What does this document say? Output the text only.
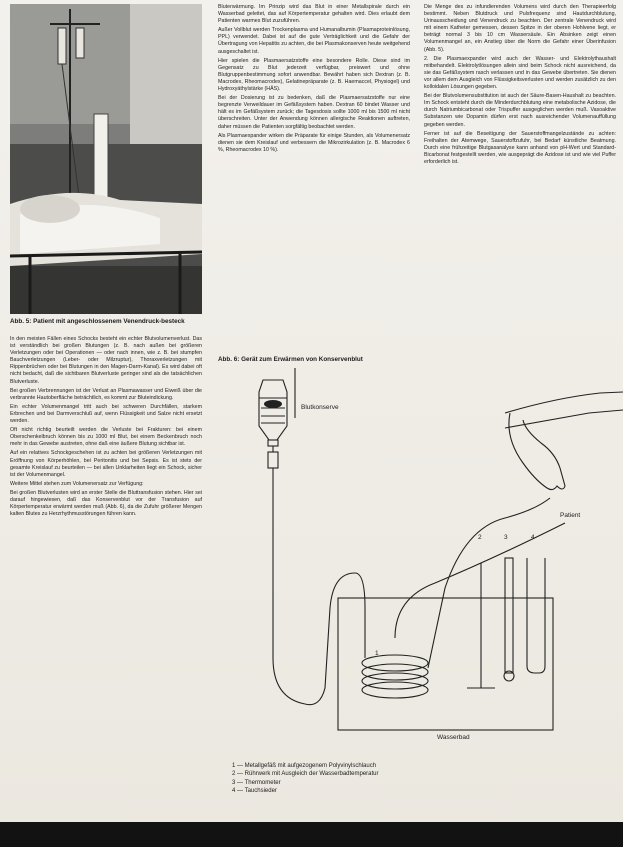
Abb. 5: Patient mit angeschlossenem Venendruck-besteck

In den meisten Fällen eines Schocks besteht ein echter Blutvolumenverlust. Das ist verständlich bei großen Blutungen (z. B. nach außen bei größeren Verletzungen oder bei Operationen — oder nach innen, wie z. B. bei stumpfen Bauchverletzungen (Leber- oder Milzruptur), Thoraxverletzungen mit Rippenbrüchen oder bei Blutungen in den Magen-Darm-Kanal). Es wird dabei oft nicht bedacht, daß die sichtbaren Blutverluste geringer sind als die tatsächlichen Blutverluste.

Bei großen Verbrennungen ist der Verlust an Plasmawasser und Eiweiß über die verbrannte Hautoberfläche beträchtlich, es kommt zur Bluteindickung.

Ein echter Volumenmangel tritt auch bei schweren Durchfällen, starkem Erbrechen und bei Darmverschluß auf, wenn Flüssigkeit und Salze nicht ersetzt werden.

Oft nicht richtig beurteilt werden die Verluste bei Frakturen: bei einem Oberschenkelbruch können bis zu 1000 ml Blut, bei einem Beckenbruch noch mehr in das Gewebe austreten, ohne daß eine äußere Blutung sichtbar ist.

Auf ein relatives Schockgeschehen ist zu achten bei größeren Verletzungen mit Eröffnung von Körperhöhlen, bei Peritonitis und bei Sepsis. Es ist stets der gesamte Kreislauf zu beurteilen — bei allen Unklarheiten liegt ein Schock, sicher ist der Volumenmangel.

Weitere Mittel stehen zum Volumenersatz zur Verfügung:

Bei großen Blutverlusten wird an erster Stelle die Bluttransfusion stehen. Hier sei darauf hingewiesen, daß das Konservenblut vor der Transfusion auf Körpertemperatur erwärmt werden muß (Abb. 6), da die Zufuhr größerer Mengen kalten Blutes zu Herzrhythmusstörungen führen kann.

Bluterwärmung. Im Prinzip wird das Blut in einer Metallspirale durch ein Wasserbad geleitet, das auf Körpertemperatur gehalten wird. Dies erlaubt dem Patienten warmes Blut zuzuführen.

Außer Vollblut werden Trockenplasma und Humanalbumin (Plasmaproteinlösung, PPL) verwendet. Dabei ist auf die gute Verträglichkeit und die Gefahr der Übertragung von Hepatitis zu achten, die bei Plasmakonserven heute weitgehend ausgeschaltet ist.

Hier spielen die Plasmaersatzstoffe eine besondere Rolle. Diese sind im Gegensatz zu Blut jederzeit verfügbar, preiswert und ohne Blutgruppenbestimmung sofort anwendbar. Bewährt haben sich Dextran (z. B. Macrodex, Rheomacrodex), Gelatinepräparate (z. B. Haemaccel, Physiogel) und Hydroxyäthylstärke (HÄS).

Bei der Dosierung ist zu bedenken, daß die Plasmaersatzstoffe nur eine begrenzte Verweildauer im Gefäßsystem haben. Dextran 60 bindet Wasser und hält es im Gefäßsystem zurück; die Tagesdosis sollte 1000 ml bis 1500 ml nicht überschreiten. Unter der Anwendung können allergische Reaktionen auftreten, daher müssen die Patienten sorgfältig beobachtet werden.

Als Plasmaexpander wirken die Präparate für einige Stunden, als Volumenersatz dienen sie dem Kreislauf und verbessern die Mikrozirkulation (z. B. Macrodex 6 %, Rheomacrodex 10 %).

Die Menge des zu infundierenden Volumens wird durch den Therapieerfolg bestimmt. Neben Blutdruck und Pulsfrequenz sind Hautdurchblutung, Urinausscheidung und Venendruck zu beachten. Der zentrale Venendruck wird mit einem Katheter gemessen, dessen Spitze in der oberen Hohlvene liegt, er beträgt normal 3 bis 10 cm Wassersäule. Ein Absinken zeigt einen Volumenmangel an, ein Anstieg über die Norm die Gefahr einer Überinfusion (Abb. 5).

2. Die Plasmaexpander wird auch der Wasser- und Elektrolythaushalt mitbehandelt. Elektrolytlösungen allein sind beim Schock nicht ausreichend, da sie das Gefäßsystem rasch verlassen und in das Gewebe übertreten. Sie dienen vor allem dem Ausgleich von Flüssigkeitsverlusten und werden zusätzlich zu den kolloidalen Lösungen gegeben.

Bei der Blutvolumensubstitution ist auch der Säure-Basen-Haushalt zu beachten. Im Schock entsteht durch die Minderdurchblutung eine metabolische Azidose, die durch Natriumbicarbonat oder Trispuffer ausgeglichen werden muß. Vasoaktive Substanzen wie Dopamin dürfen erst nach ausreichender Volumenauffüllung gegeben werden.

Ferner ist auf die Beseitigung der Sauerstoffmangelzustände zu achten: Freihalten der Atemwege, Sauerstoffzufuhr, bei Bedarf künstliche Beatmung. Durch eine frühzeitige Blutgasanalyse kann anhand von pH-Wert und Standard-Bicarbonat festgestellt werden, wie ausgeprägt die Azidose ist und wie viel Puffer erforderlich ist.

Abb. 6: Gerät zum Erwärmen von Konservenblut
Blutkonserve
Patient
Wasserbad
1
2	3	4
1 — Metallgefäß mit aufgezogenem Polyvinylschlauch
2 — Rührwerk mit Ausgleich der Wasserbadtemperatur
3 — Thermometer
4 — Tauchsieder
